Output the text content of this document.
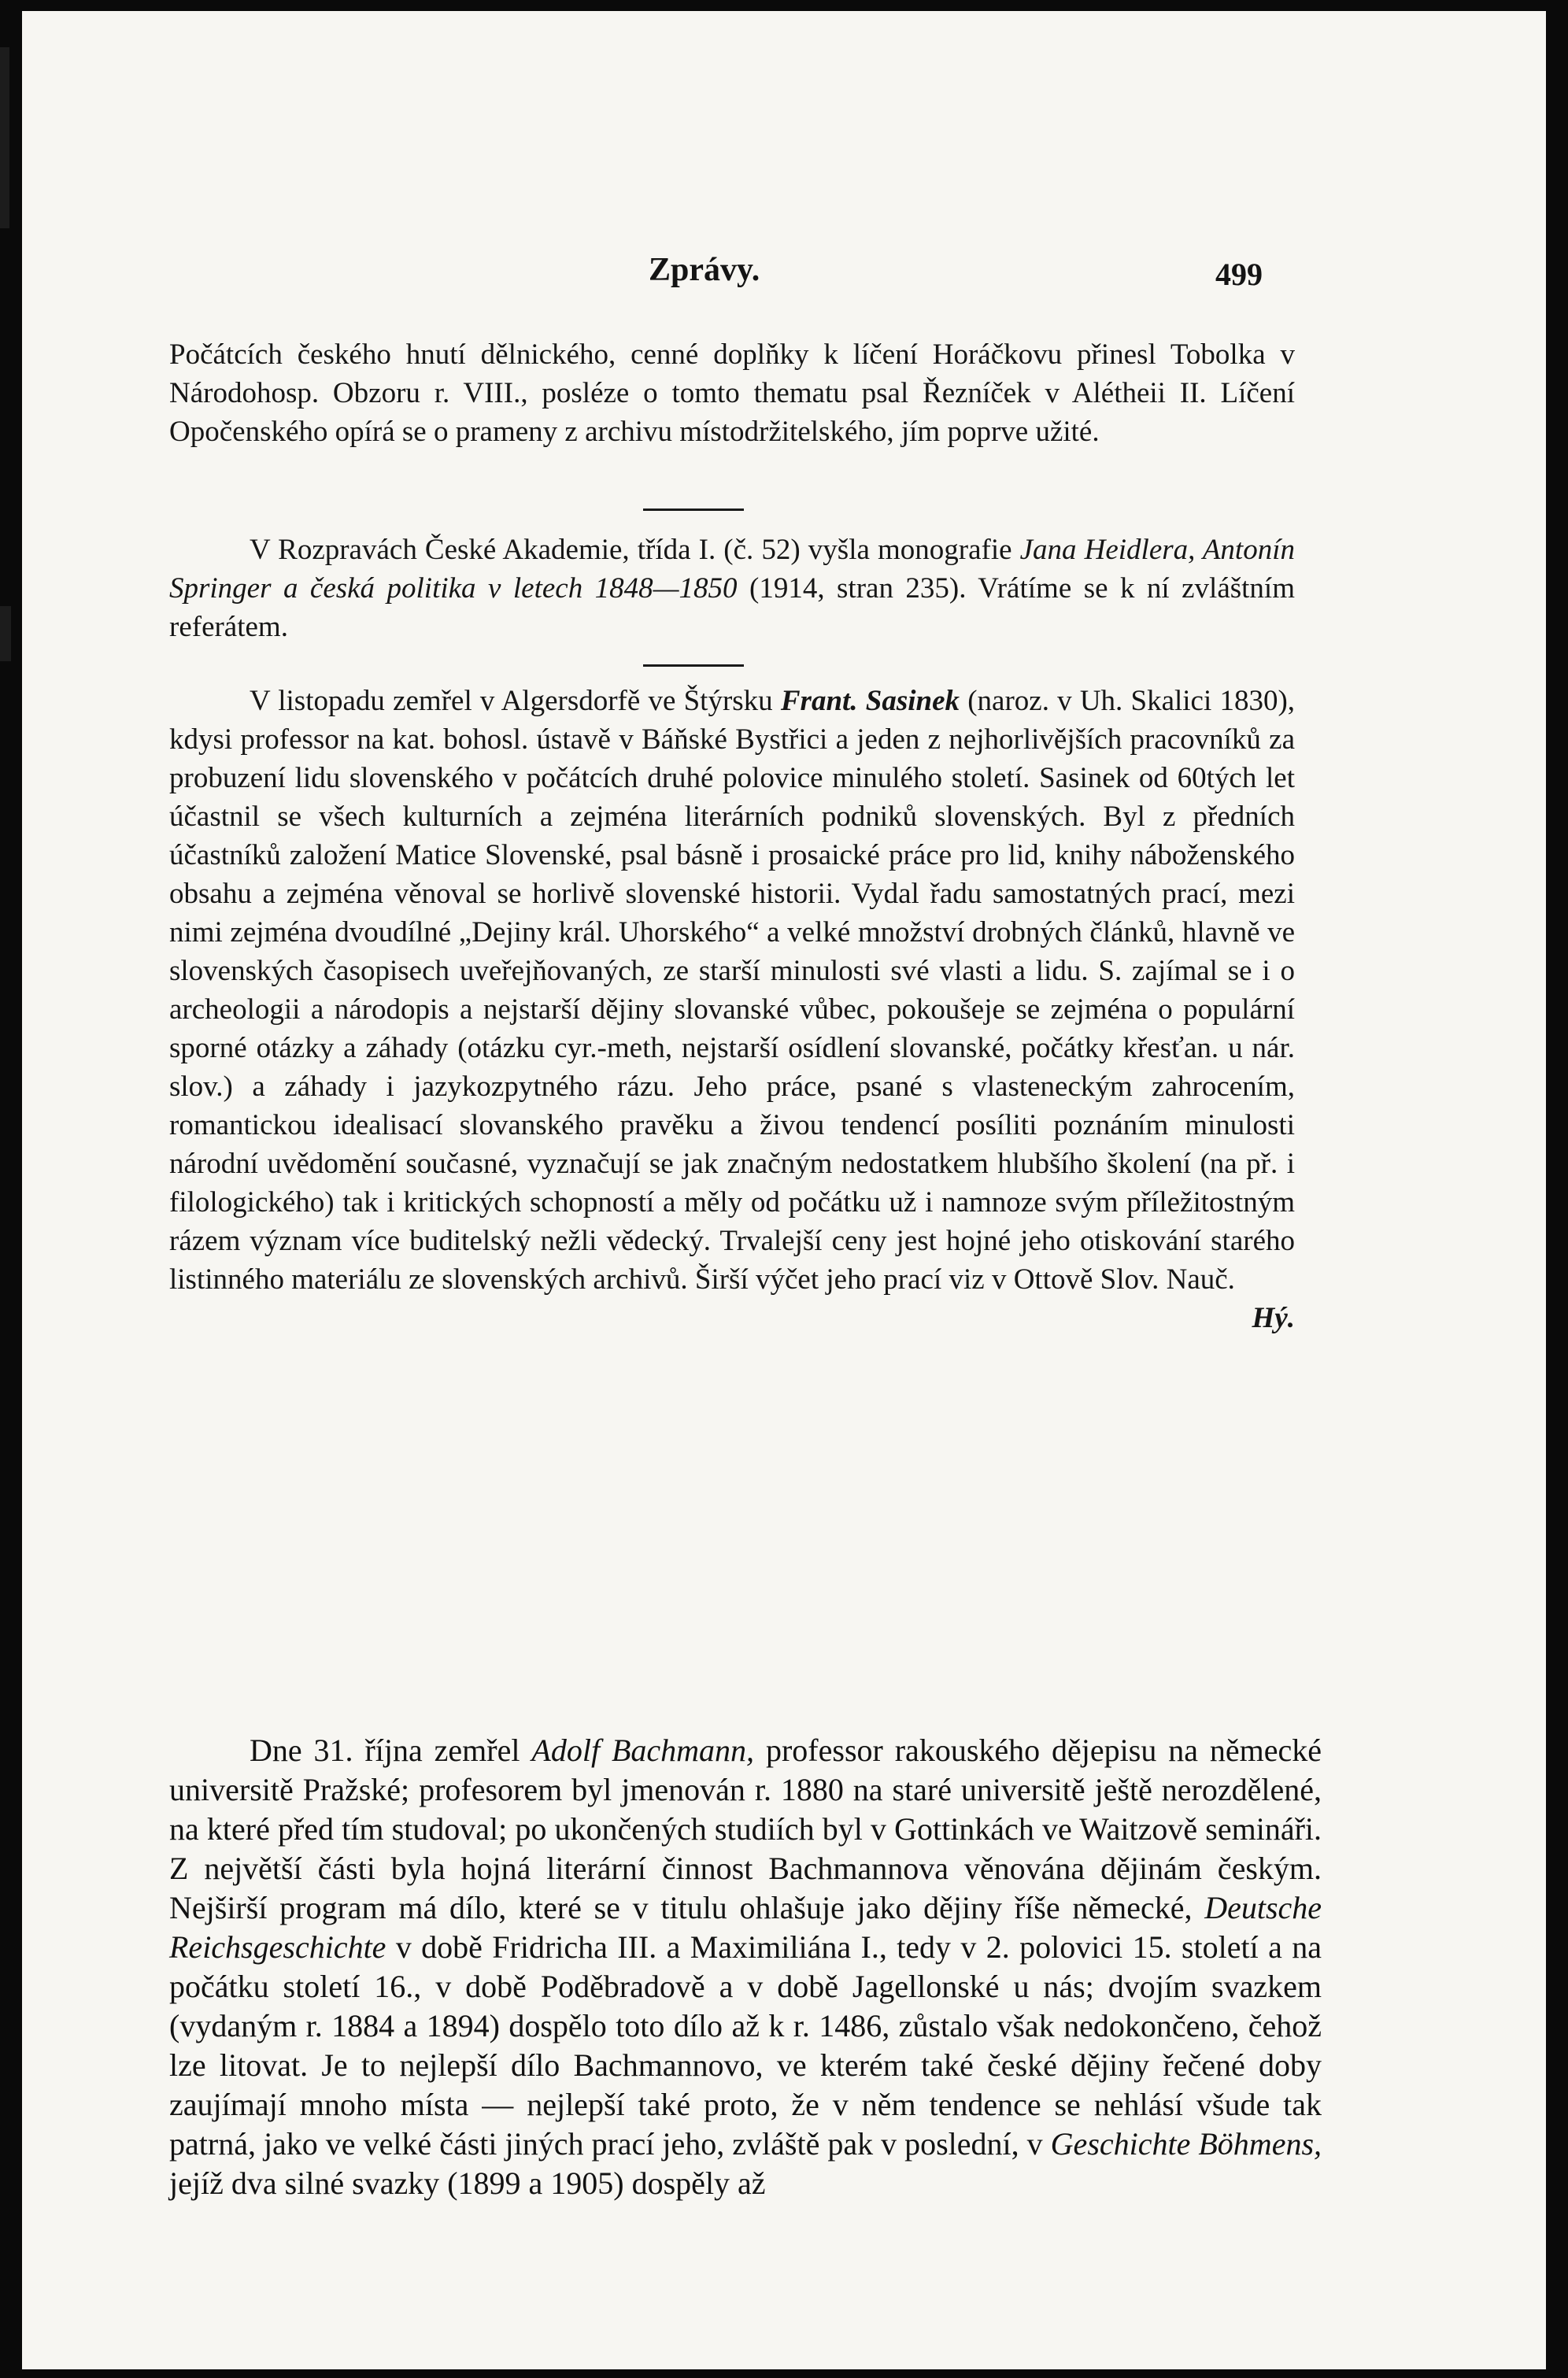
Zprávy.	499

Počátcích českého hnutí dělnického, cenné doplňky k líčení Horáčkovu přinesl Tobolka v Národohosp. Obzoru r. VIII., posléze o tomto thematu psal Řezníček v Alétheii II. Líčení Opočenského opírá se o prameny z archivu místodržitelského, jím poprve užité.

V Rozpravách České Akademie, třída I. (č. 52) vyšla monografie Jana Heidlera, Antonín Springer a česká politika v letech 1848—1850 (1914, stran 235). Vrátíme se k ní zvláštním referátem.

V listopadu zemřel v Algersdorfě ve Štýrsku Frant. Sasinek (naroz. v Uh. Skalici 1830), kdysi professor na kat. bohosl. ústavě v Báňské Bystřici a jeden z nejhorlivějších pracovníků za probuzení lidu slovenského v počátcích druhé polovice minulého století. Sasinek od 60tých let účastnil se všech kulturních a zejména literárních podniků slovenských. Byl z předních účastníků založení Matice Slovenské, psal básně i prosaické práce pro lid, knihy náboženského obsahu a zejména věnoval se horlivě slovenské historii. Vydal řadu samostatných prací, mezi nimi zejména dvoudílné „Dejiny král. Uhorského“ a velké množství drobných článků, hlavně ve slovenských časopisech uveřejňovaných, ze starší minulosti své vlasti a lidu. S. zajímal se i o archeologii a národopis a nejstarší dějiny slovanské vůbec, pokoušeje se zejména o populární sporné otázky a záhady (otázku cyr.-meth, nejstarší osídlení slovanské, počátky křesťan. u nár. slov.) a záhady i jazykozpytného rázu. Jeho práce, psané s vlasteneckým zahrocením, romantickou idealisací slovanského pravěku a živou tendencí posíliti poznáním minulosti národní uvědomění současné, vyznačují se jak značným nedostatkem hlubšího školení (na př. i filologického) tak i kritických schopností a měly od počátku už i namnoze svým příležitostným rázem význam více buditelský nežli vědecký. Trvalejší ceny jest hojné jeho otiskování starého listinného materiálu ze slovenských archivů. Širší výčet jeho prací viz v Ottově Slov. Nauč.
Hý.

Dne 31. října zemřel Adolf Bachmann, professor rakouského dějepisu na německé universitě Pražské; profesorem byl jmenován r. 1880 na staré universitě ještě nerozdělené, na které před tím studoval; po ukončených studiích byl v Gottinkách ve Waitzově semináři. Z největší části byla hojná literární činnost Bachmannova věnována dějinám českým. Nejširší program má dílo, které se v titulu ohlašuje jako dějiny říše německé, Deutsche Reichsgeschichte v době Fridricha III. a Maximiliána I., tedy v 2. polovici 15. století a na počátku století 16., v době Poděbradově a v době Jagellonské u nás; dvojím svazkem (vydaným r. 1884 a 1894) dospělo toto dílo až k r. 1486, zůstalo však nedokončeno, čehož lze litovat. Je to nejlepší dílo Bachmannovo, ve kterém také české dějiny řečené doby zaujímají mnoho místa — nejlepší také proto, že v něm tendence se nehlásí všude tak patrná, jako ve velké části jiných prací jeho, zvláště pak v poslední, v Geschichte Böhmens, jejíž dva silné svazky (1899 a 1905) dospěly až
